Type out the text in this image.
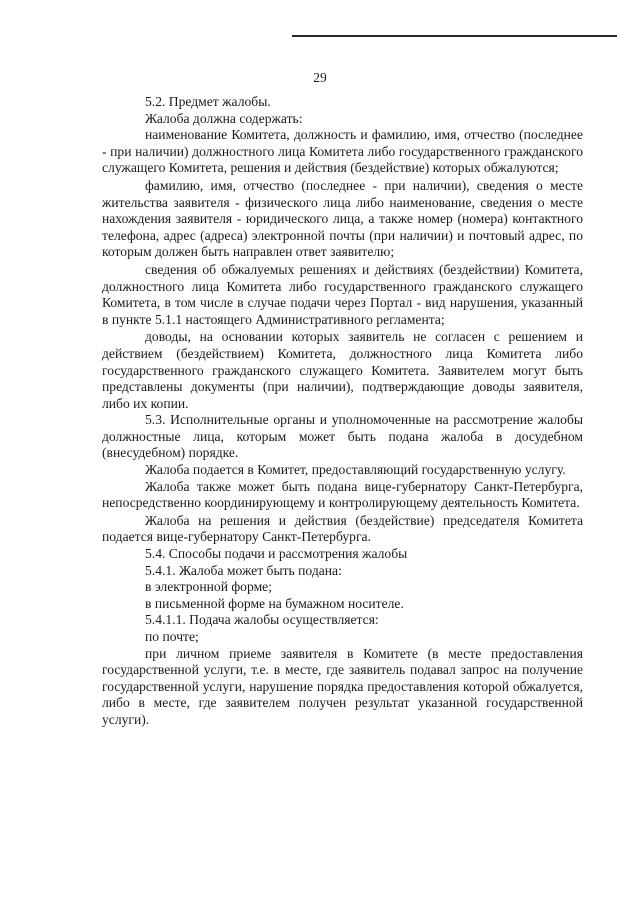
29

5.2. Предмет жалобы.

Жалоба должна содержать:

наименование Комитета, должность и фамилию, имя, отчество (последнее - при наличии) должностного лица Комитета либо государственного гражданского служащего Комитета, решения и действия (бездействие) которых обжалуются;

фамилию, имя, отчество (последнее - при наличии), сведения о месте жительства заявителя - физического лица либо наименование, сведения о месте нахождения заявителя - юридического лица, а также номер (номера) контактного телефона, адрес (адреса) электронной почты (при наличии) и почтовый адрес, по которым должен быть направлен ответ заявителю;

сведения об обжалуемых решениях и действиях (бездействии) Комитета, должностного лица Комитета либо государственного гражданского служащего Комитета, в том числе в случае подачи через Портал - вид нарушения, указанный в пункте 5.1.1 настоящего Административного регламента;

доводы, на основании которых заявитель не согласен с решением и действием (бездействием) Комитета, должностного лица Комитета либо государственного гражданского служащего Комитета. Заявителем могут быть представлены документы (при наличии), подтверждающие доводы заявителя, либо их копии.

5.3. Исполнительные органы и уполномоченные на рассмотрение жалобы должностные лица, которым может быть подана жалоба в досудебном (внесудебном) порядке.

Жалоба подается в Комитет, предоставляющий государственную услугу.

Жалоба также может быть подана вице-губернатору Санкт-Петербурга, непосредственно координирующему и контролирующему деятельность Комитета.

Жалоба на решения и действия (бездействие) председателя Комитета подается вице-губернатору Санкт-Петербурга.

5.4. Способы подачи и рассмотрения жалобы

5.4.1. Жалоба может быть подана:

в электронной форме;

в письменной форме на бумажном носителе.

5.4.1.1. Подача жалобы осуществляется:

по почте;

при личном приеме заявителя в Комитете (в месте предоставления государственной услуги, т.е. в месте, где заявитель подавал запрос на получение государственной услуги, нарушение порядка предоставления которой обжалуется, либо в месте, где заявителем получен результат указанной государственной услуги).
